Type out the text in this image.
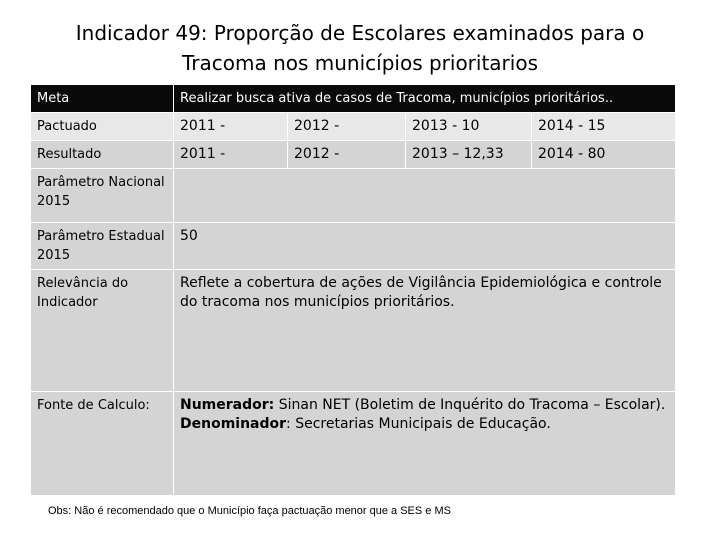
Indicador 49: Proporção de Escolares examinados para o
Tracoma nos municípios prioritarios
Meta	Realizar busca ativa de casos de Tracoma, municípios prioritários..			
Pactuado	2011 -	2012 -	2013 - 10	2014 - 15
Resultado	2011 -	2012 -	2013 – 12,33	2014 - 80
Parâmetro Nacional 2015				
Parâmetro Estadual 2015	50			
Relevância do Indicador	Reflete a cobertura de ações de Vigilância Epidemiológica e controle do tracoma nos municípios prioritários.			
Fonte de Calculo:	Numerador: Sinan NET (Boletim de Inquérito do Tracoma – Escolar). Denominador: Secretarias Municipais de Educação.			
Obs: Não é recomendado que o Município faça pactuação menor que a SES e MS
